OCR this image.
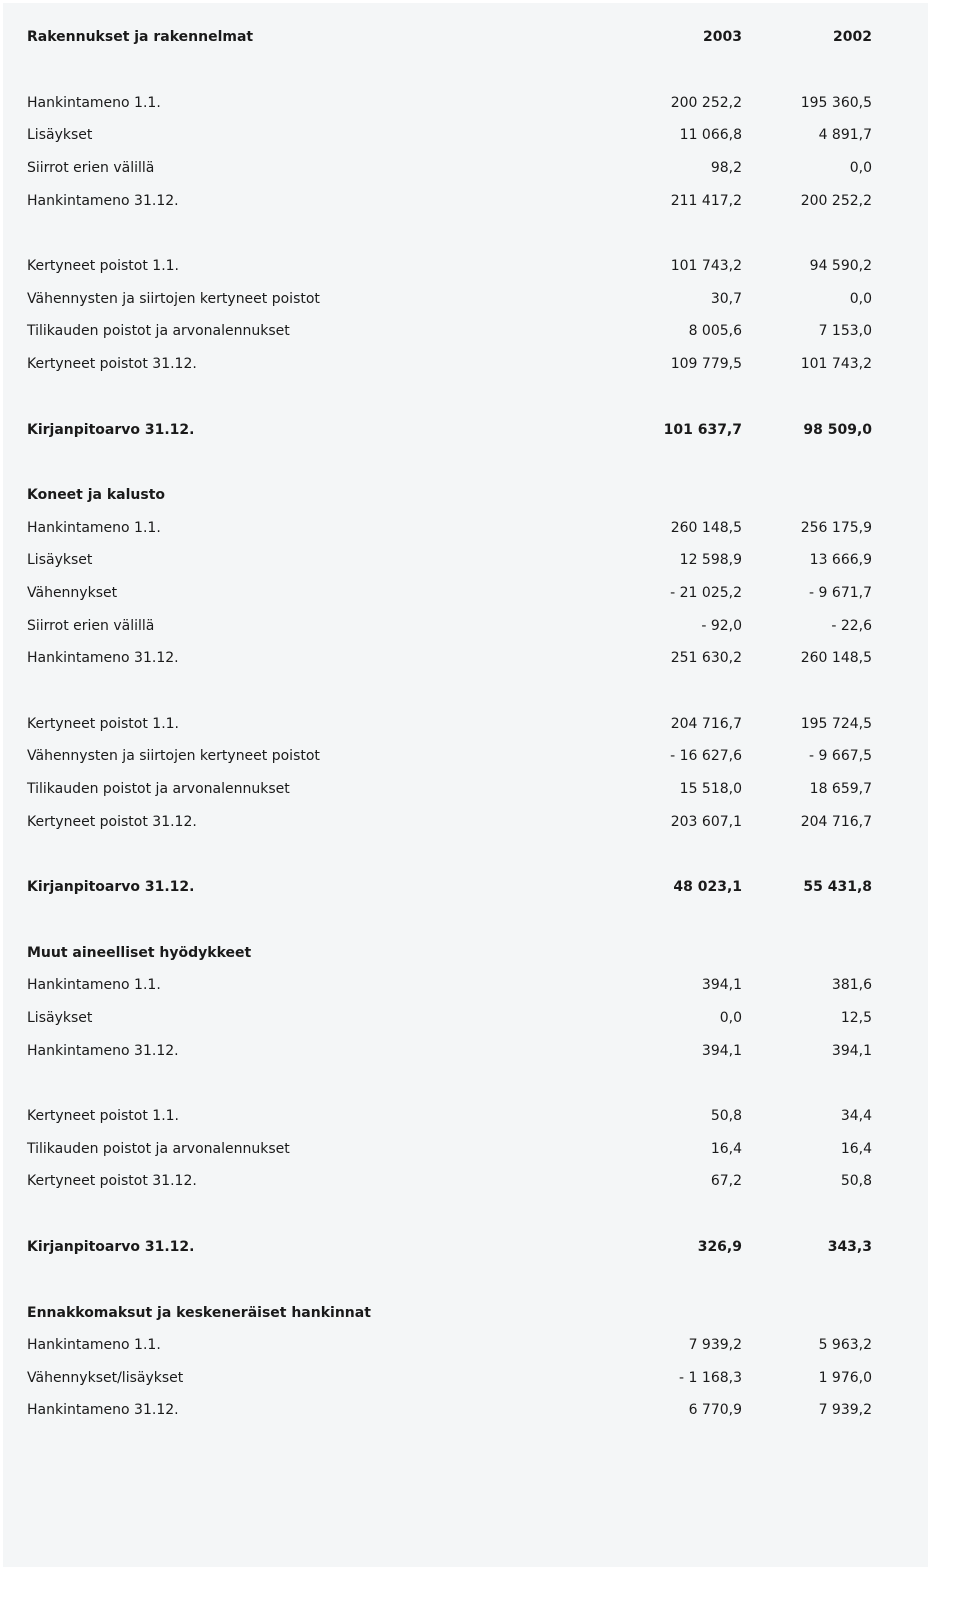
Rakennukset ja rakennelmat	2003	2002
Hankintameno 1.1.	200 252,2	195 360,5
Lisäykset	11 066,8	4 891,7
Siirrot erien välillä	98,2	0,0
Hankintameno 31.12.	211 417,2	200 252,2
Kertyneet poistot 1.1.	101 743,2	94 590,2
Vähennysten ja siirtojen kertyneet poistot	30,7	0,0
Tilikauden poistot ja arvonalennukset	8 005,6	7 153,0
Kertyneet poistot 31.12.	109 779,5	101 743,2
Kirjanpitoarvo 31.12.	101 637,7	98 509,0
Koneet ja kalusto
Hankintameno 1.1.	260 148,5	256 175,9
Lisäykset	12 598,9	13 666,9
Vähennykset	- 21 025,2	- 9 671,7
Siirrot erien välillä	- 92,0	- 22,6
Hankintameno 31.12.	251 630,2	260 148,5
Kertyneet poistot 1.1.	204 716,7	195 724,5
Vähennysten ja siirtojen kertyneet poistot	- 16 627,6	- 9 667,5
Tilikauden poistot ja arvonalennukset	15 518,0	18 659,7
Kertyneet poistot 31.12.	203 607,1	204 716,7
Kirjanpitoarvo 31.12.	48 023,1	55 431,8
Muut aineelliset hyödykkeet
Hankintameno 1.1.	394,1	381,6
Lisäykset	0,0	12,5
Hankintameno 31.12.	394,1	394,1
Kertyneet poistot 1.1.	50,8	34,4
Tilikauden poistot ja arvonalennukset	16,4	16,4
Kertyneet poistot 31.12.	67,2	50,8
Kirjanpitoarvo 31.12.	326,9	343,3
Ennakkomaksut ja keskeneräiset hankinnat
Hankintameno 1.1.	7 939,2	5 963,2
Vähennykset/lisäykset	- 1 168,3	1 976,0
Hankintameno 31.12.	6 770,9	7 939,2
